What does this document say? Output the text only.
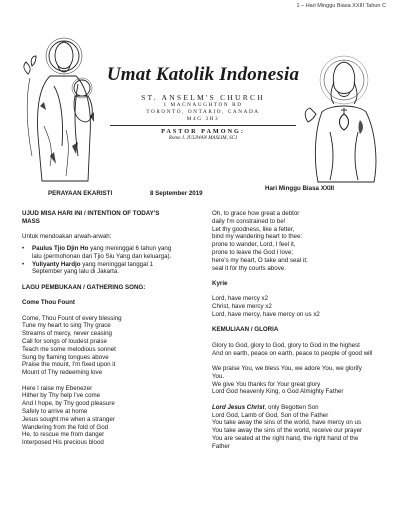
1 – Hari Minggu Biasa XXIII Tahun C
Umat Katolik Indonesia
ST. ANSELM'S CHURCH
1 MACNAUGHTON RD
TORONTO, ONTARIO, CANADA
M4G 3H3
PASTOR PAMONG:
Romo J. JULIWAN MASLIM, SCJ
PERAYAAN EKARISTI	8 September 2019
Hari Minggu Biasa XXIII
UJUD MISA HARI INI / INTENTION OF TODAY'S
MASS
Untuk mendoakan arwah-arwah:
•	Paulus Tjio Djin Ho yang meninggal 6 tahun yang
lalu (permohonan dari Tjio Siu Yang dan keluarga).
•	Yuliyanty Hardjo yang meninggal tanggal 1
September yang lalu di Jakarta.
LAGU PEMBUKAAN / GATHERING SONG:
Come Thou Fount
Come, Thou Fount of every blessing
Tune my heart to sing Thy grace
Streams of mercy, never ceasing
Call for songs of loudest praise
Teach me some melodious sonnet
Sung by flaming tongues above
Praise the mount, I'm fixed upon it
Mount of Thy redeeming love
Here I raise my Ebenezer
Hither by Thy help I've come
And I hope, by Thy good pleasure
Safely to arrive at home
Jesus sought me when a stranger
Wandering from the fold of God
He, to rescue me from danger
Interposed His precious blood
Oh, to grace how great a debtor
daily I'm constrained to be!
Let thy goodness, like a fetter,
bind my wandering heart to thee:
prone to wander, Lord, I feel it,
prone to leave the God I love;
here's my heart, O take and seal it;
seal it for thy courts above.
Kyrie
Lord, have mercy x2
Christ, have mercy x2
Lord, have mercy, have mercy on us x2
KEMULIAAN / GLORIA
Glory to God, glory to God, glory to God in the highest
And on earth, peace on earth, peace to people of good will
We praise You, we bless You, we adore You, we glorify
You.
We give You thanks for Your great glory
Lord God heavenly King, o God Almighty Father
Lord Jesus Christ, only Begotten Son
Lord God, Lamb of God, Son of the Father
You take away the sins of the world, have mercy on us
You take away the sins of the world, receive our prayer
You are seated at the right hand, the right hand of the
Father
